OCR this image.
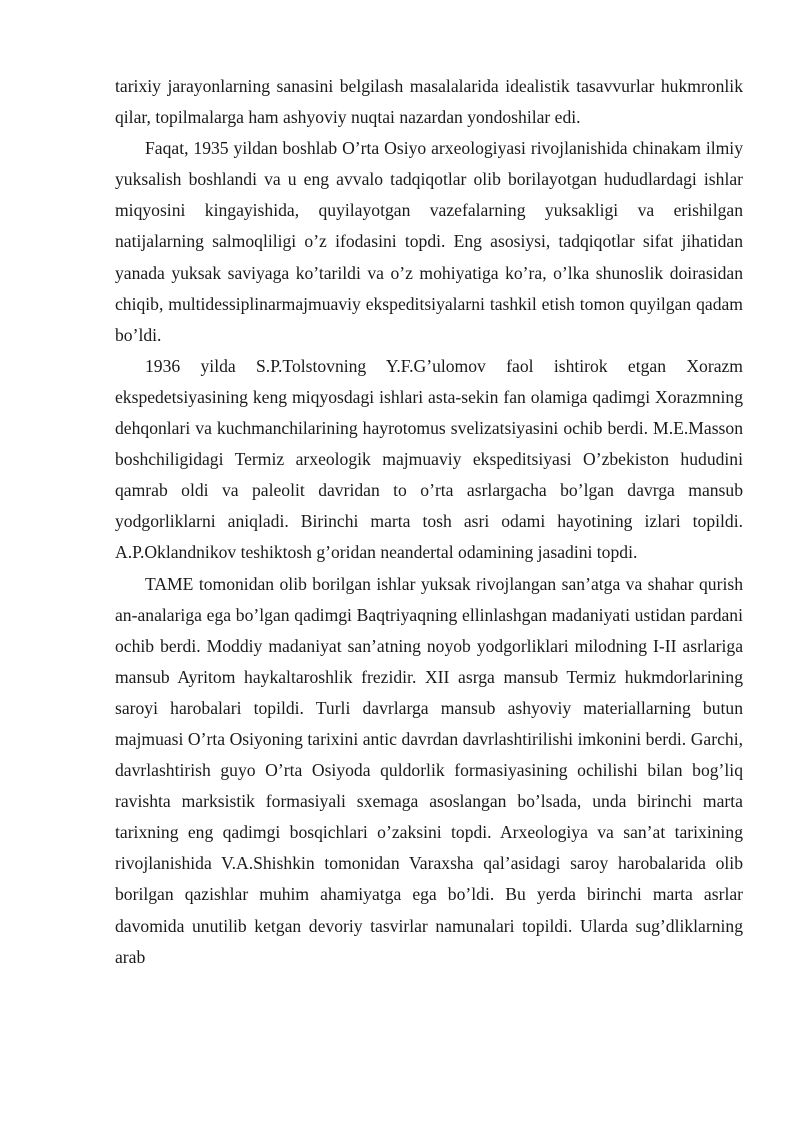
tarixiy jarayonlarning sanasini belgilash masalalarida idealistik tasavvurlar hukmronlik qilar, topilmalarga ham ashyoviy nuqtai nazardan yondoshilar edi.

Faqat, 1935 yildan boshlab O’rta Osiyo arxeologiyasi rivojlanishida chinakam ilmiy yuksalish boshlandi va u eng avvalo tadqiqotlar olib borilayotgan hududlardagi ishlar miqyosini kingayishida, quyilayotgan vazefalarning yuksakligi va erishilgan natijalarning salmoqliligi o’z ifodasini topdi. Eng asosiysi, tadqiqotlar sifat jihatidan yanada yuksak saviyaga ko’tarildi va o’z mohiyatiga ko’ra, o’lka shunoslik doirasidan chiqib, multidessiplinarmajmuaviy ekspeditsiyalarni tashkil etish tomon quyilgan qadam bo’ldi.

1936 yilda S.P.Tolstovning Y.F.G’ulomov faol ishtirok etgan Xorazm ekspedetsiyasining keng miqyosdagi ishlari asta-sekin fan olamiga qadimgi Xorazmning dehqonlari va kuchmanchilarining hayrotomus svelizatsiyasini ochib berdi. M.E.Masson boshchiligidagi Termiz arxeologik majmuaviy ekspeditsiyasi O’zbekiston hududini qamrab oldi va paleolit davridan to o’rta asrlargacha bo’lgan davrga mansub yodgorliklarni aniqladi. Birinchi marta tosh asri odami hayotining izlari topildi. A.P.Oklandnikov teshiktosh g’oridan neandertal odamining jasadini topdi.

TAME tomonidan olib borilgan ishlar yuksak rivojlangan san’atga va shahar qurish an-analariga ega bo’lgan qadimgi Baqtriyaqning ellinlashgan madaniyati ustidan pardani ochib berdi. Moddiy madaniyat san’atning noyob yodgorliklari milodning I-II asrlariga mansub Ayritom haykaltaroshlik frezidir. XII asrga mansub Termiz hukmdorlarining saroyi harobalari topildi. Turli davrlarga mansub ashyoviy materiallarning butun majmuasi O’rta Osiyoning tarixini antic davrdan davrlashtirilishi imkonini berdi. Garchi, davrlashtirish guyo O’rta Osiyoda quldorlik formasiyasining ochilishi bilan bog’liq ravishta marksistik formasiyali sxemaga asoslangan bo’lsada, unda birinchi marta tarixning eng qadimgi bosqichlari o’zaksini topdi. Arxeologiya va san’at tarixining rivojlanishida V.A.Shishkin tomonidan Varaxsha qal’asidagi saroy harobalarida olib borilgan qazishlar muhim ahamiyatga ega bo’ldi. Bu yerda birinchi marta asrlar davomida unutilib ketgan devoriy tasvirlar namunalari topildi. Ularda sug’dliklarning arab
